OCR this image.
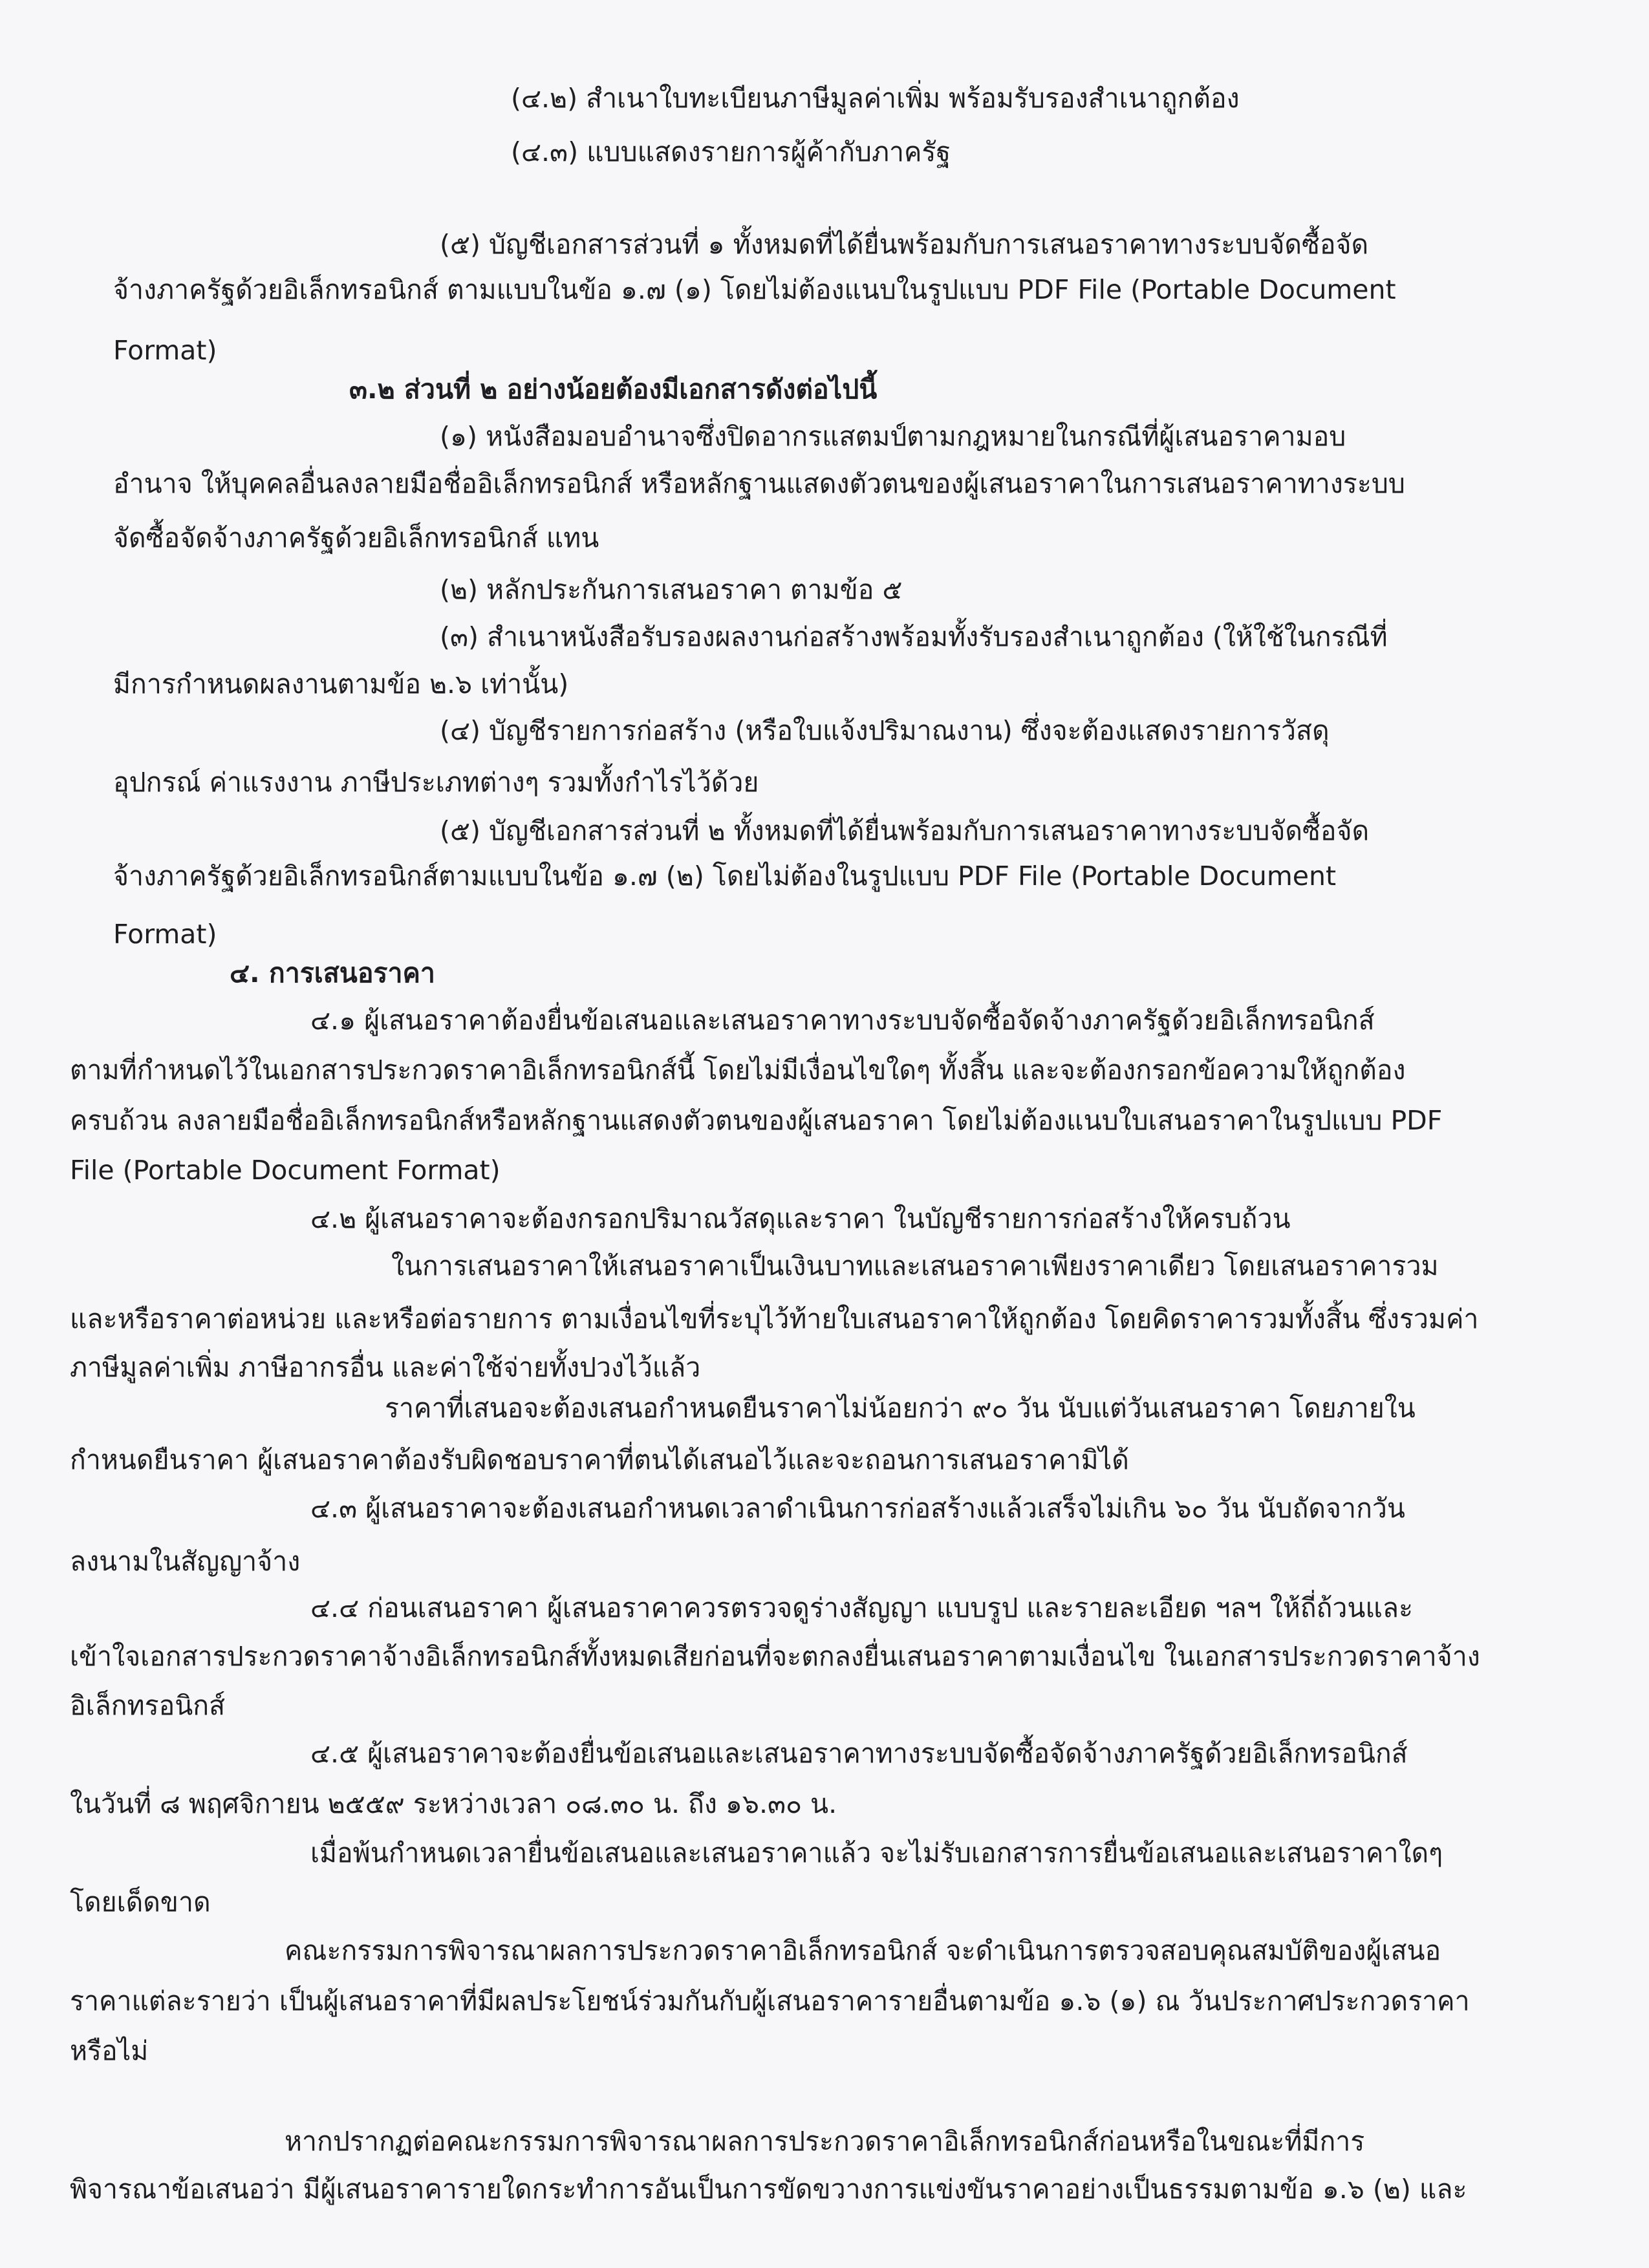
(๔.๒) สำเนาใบทะเบียนภาษีมูลค่าเพิ่ม พร้อมรับรองสำเนาถูกต้อง
(๔.๓) แบบแสดงรายการผู้ค้ากับภาครัฐ
(๕) บัญชีเอกสารส่วนที่ ๑ ทั้งหมดที่ได้ยื่นพร้อมกับการเสนอราคาทางระบบจัดซื้อจัด
จ้างภาครัฐด้วยอิเล็กทรอนิกส์ ตามแบบในข้อ ๑.๗ (๑) โดยไม่ต้องแนบในรูปแบบ PDF File (Portable Document
Format)
๓.๒ ส่วนที่ ๒ อย่างน้อยต้องมีเอกสารดังต่อไปนี้
(๑) หนังสือมอบอำนาจซึ่งปิดอากรแสตมป์ตามกฎหมายในกรณีที่ผู้เสนอราคามอบ
อำนาจ ให้บุคคลอื่นลงลายมือชื่ออิเล็กทรอนิกส์ หรือหลักฐานแสดงตัวตนของผู้เสนอราคาในการเสนอราคาทางระบบ
จัดซื้อจัดจ้างภาครัฐด้วยอิเล็กทรอนิกส์ แทน
(๒) หลักประกันการเสนอราคา ตามข้อ ๕
(๓) สำเนาหนังสือรับรองผลงานก่อสร้างพร้อมทั้งรับรองสำเนาถูกต้อง (ให้ใช้ในกรณีที่
มีการกำหนดผลงานตามข้อ ๒.๖ เท่านั้น)
(๔) บัญชีรายการก่อสร้าง (หรือใบแจ้งปริมาณงาน) ซึ่งจะต้องแสดงรายการวัสดุ
อุปกรณ์ ค่าแรงงาน ภาษีประเภทต่างๆ รวมทั้งกำไรไว้ด้วย
(๕) บัญชีเอกสารส่วนที่ ๒ ทั้งหมดที่ได้ยื่นพร้อมกับการเสนอราคาทางระบบจัดซื้อจัด
จ้างภาครัฐด้วยอิเล็กทรอนิกส์ตามแบบในข้อ ๑.๗ (๒) โดยไม่ต้องในรูปแบบ PDF File (Portable Document
Format)
๔. การเสนอราคา
๔.๑ ผู้เสนอราคาต้องยื่นข้อเสนอและเสนอราคาทางระบบจัดซื้อจัดจ้างภาครัฐด้วยอิเล็กทรอนิกส์
ตามที่กำหนดไว้ในเอกสารประกวดราคาอิเล็กทรอนิกส์นี้ โดยไม่มีเงื่อนไขใดๆ ทั้งสิ้น และจะต้องกรอกข้อความให้ถูกต้อง
ครบถ้วน ลงลายมือชื่ออิเล็กทรอนิกส์หรือหลักฐานแสดงตัวตนของผู้เสนอราคา โดยไม่ต้องแนบใบเสนอราคาในรูปแบบ PDF
File (Portable Document Format)
๔.๒ ผู้เสนอราคาจะต้องกรอกปริมาณวัสดุและราคา ในบัญชีรายการก่อสร้างให้ครบถ้วน
ในการเสนอราคาให้เสนอราคาเป็นเงินบาทและเสนอราคาเพียงราคาเดียว โดยเสนอราคารวม
และหรือราคาต่อหน่วย และหรือต่อรายการ ตามเงื่อนไขที่ระบุไว้ท้ายใบเสนอราคาให้ถูกต้อง โดยคิดราคารวมทั้งสิ้น ซึ่งรวมค่า
ภาษีมูลค่าเพิ่ม ภาษีอากรอื่น และค่าใช้จ่ายทั้งปวงไว้แล้ว
ราคาที่เสนอจะต้องเสนอกำหนดยืนราคาไม่น้อยกว่า ๙๐ วัน นับแต่วันเสนอราคา โดยภายใน
กำหนดยืนราคา ผู้เสนอราคาต้องรับผิดชอบราคาที่ตนได้เสนอไว้และจะถอนการเสนอราคามิได้
๔.๓ ผู้เสนอราคาจะต้องเสนอกำหนดเวลาดำเนินการก่อสร้างแล้วเสร็จไม่เกิน ๖๐ วัน นับถัดจากวัน
ลงนามในสัญญาจ้าง
๔.๔ ก่อนเสนอราคา ผู้เสนอราคาควรตรวจดูร่างสัญญา แบบรูป และรายละเอียด ฯลฯ ให้ถี่ถ้วนและ
เข้าใจเอกสารประกวดราคาจ้างอิเล็กทรอนิกส์ทั้งหมดเสียก่อนที่จะตกลงยื่นเสนอราคาตามเงื่อนไข ในเอกสารประกวดราคาจ้าง
อิเล็กทรอนิกส์
๔.๕ ผู้เสนอราคาจะต้องยื่นข้อเสนอและเสนอราคาทางระบบจัดซื้อจัดจ้างภาครัฐด้วยอิเล็กทรอนิกส์
ในวันที่ ๘ พฤศจิกายน ๒๕๕๙ ระหว่างเวลา ๐๘.๓๐ น. ถึง ๑๖.๓๐ น.
เมื่อพ้นกำหนดเวลายื่นข้อเสนอและเสนอราคาแล้ว จะไม่รับเอกสารการยื่นข้อเสนอและเสนอราคาใดๆ
โดยเด็ดขาด
คณะกรรมการพิจารณาผลการประกวดราคาอิเล็กทรอนิกส์ จะดำเนินการตรวจสอบคุณสมบัติของผู้เสนอ
ราคาแต่ละรายว่า เป็นผู้เสนอราคาที่มีผลประโยชน์ร่วมกันกับผู้เสนอราคารายอื่นตามข้อ ๑.๖ (๑) ณ วันประกาศประกวดราคา
หรือไม่
หากปรากฏต่อคณะกรรมการพิจารณาผลการประกวดราคาอิเล็กทรอนิกส์ก่อนหรือในขณะที่มีการ
พิจารณาข้อเสนอว่า มีผู้เสนอราคารายใดกระทำการอันเป็นการขัดขวางการแข่งขันราคาอย่างเป็นธรรมตามข้อ ๑.๖ (๒) และ
